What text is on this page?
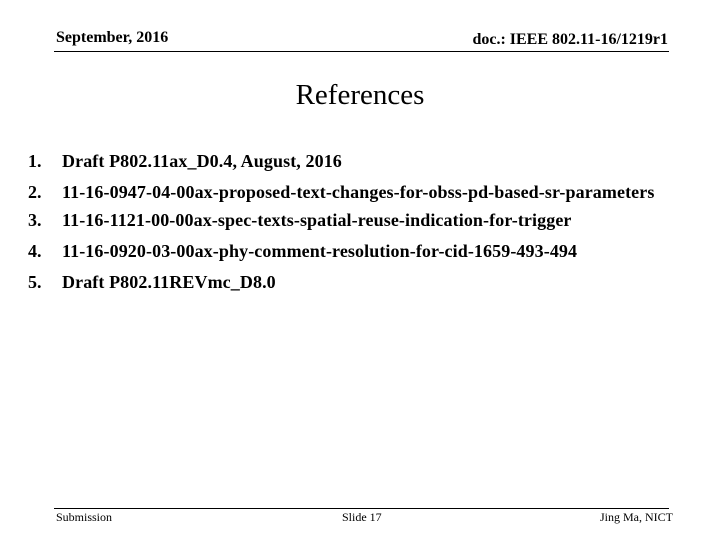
September, 2016	doc.: IEEE 802.11-16/1219r1
References
1. Draft P802.11ax_D0.4, August, 2016
2. 11-16-0947-04-00ax-proposed-text-changes-for-obss-pd-based-sr-parameters
3. 11-16-1121-00-00ax-spec-texts-spatial-reuse-indication-for-trigger
4. 11-16-0920-03-00ax-phy-comment-resolution-for-cid-1659-493-494
5. Draft P802.11REVmc_D8.0
Submission	Slide 17	Jing Ma, NICT
